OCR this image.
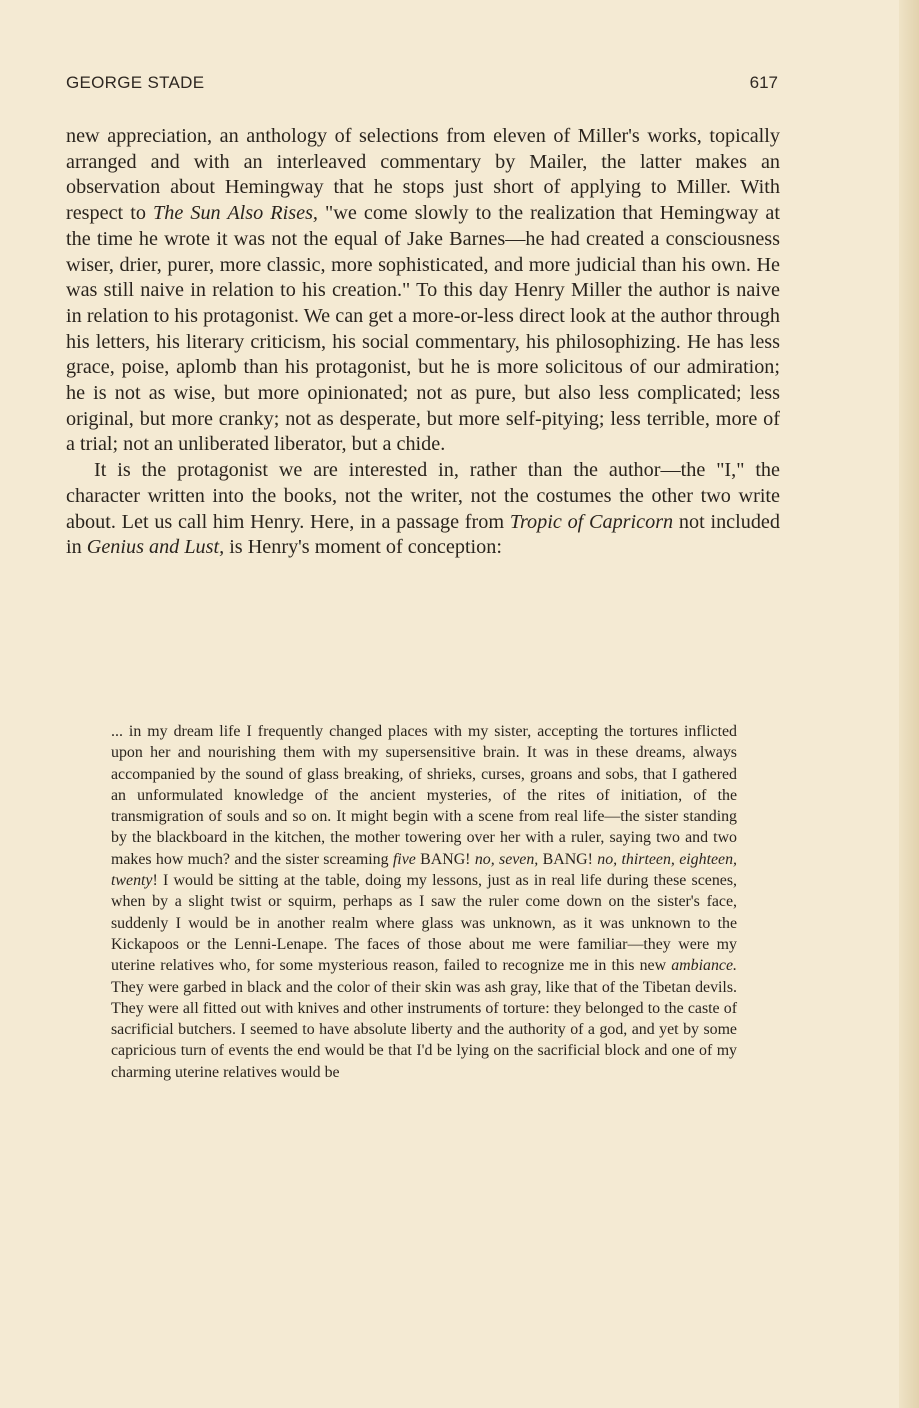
GEORGE STADE	617

new appreciation, an anthology of selections from eleven of Miller's works, topically arranged and with an interleaved commentary by Mailer, the latter makes an observation about Hemingway that he stops just short of applying to Miller. With respect to The Sun Also Rises, "we come slowly to the realization that Hemingway at the time he wrote it was not the equal of Jake Barnes—he had created a consciousness wiser, drier, purer, more classic, more sophisticated, and more judicial than his own. He was still naive in relation to his creation." To this day Henry Miller the author is naive in relation to his protagonist. We can get a more-or-less direct look at the author through his letters, his literary criticism, his social commentary, his philosophizing. He has less grace, poise, aplomb than his protagonist, but he is more solicitous of our admiration; he is not as wise, but more opinionated; not as pure, but also less complicated; less original, but more cranky; not as desperate, but more self-pitying; less terrible, more of a trial; not an unliberated liberator, but a chide.

It is the protagonist we are interested in, rather than the author—the "I," the character written into the books, not the writer, not the costumes the other two write about. Let us call him Henry. Here, in a passage from Tropic of Capricorn not included in Genius and Lust, is Henry's moment of conception:

... in my dream life I frequently changed places with my sister, accepting the tortures inflicted upon her and nourishing them with my supersensitive brain. It was in these dreams, always accompanied by the sound of glass breaking, of shrieks, curses, groans and sobs, that I gathered an unformulated knowledge of the ancient mysteries, of the rites of initiation, of the transmigration of souls and so on. It might begin with a scene from real life—the sister standing by the blackboard in the kitchen, the mother towering over her with a ruler, saying two and two makes how much? and the sister screaming five BANG! no, seven, BANG! no, thirteen, eighteen, twenty! I would be sitting at the table, doing my lessons, just as in real life during these scenes, when by a slight twist or squirm, perhaps as I saw the ruler come down on the sister's face, suddenly I would be in another realm where glass was unknown, as it was unknown to the Kickapoos or the Lenni-Lenape. The faces of those about me were familiar—they were my uterine relatives who, for some mysterious reason, failed to recognize me in this new ambiance. They were garbed in black and the color of their skin was ash gray, like that of the Tibetan devils. They were all fitted out with knives and other instruments of torture: they belonged to the caste of sacrificial butchers. I seemed to have absolute liberty and the authority of a god, and yet by some capricious turn of events the end would be that I'd be lying on the sacrificial block and one of my charming uterine relatives would be
